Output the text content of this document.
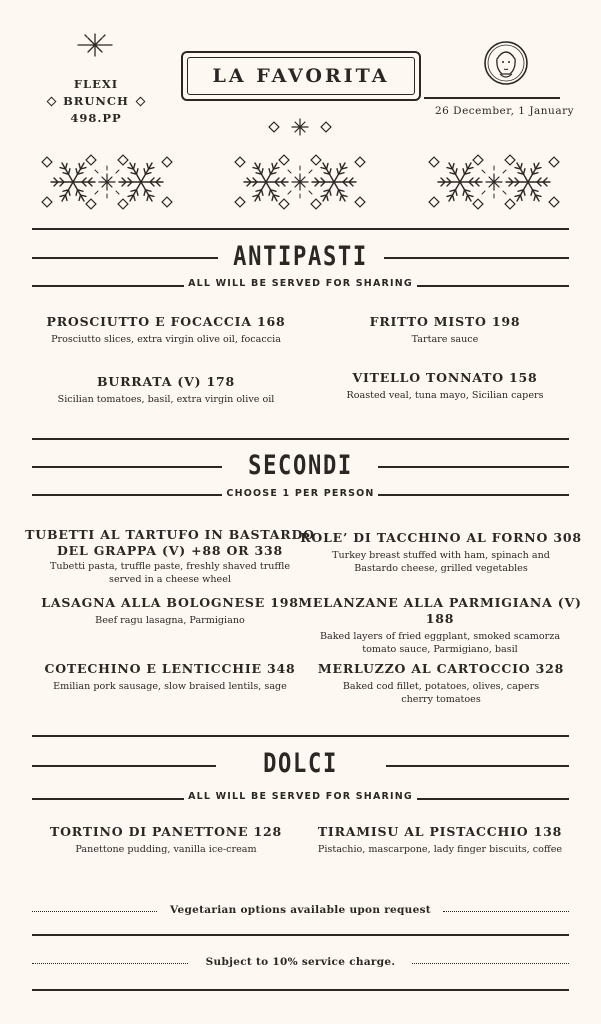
FLEXI
BRUNCH
498.PP
LA FAVORITA
26 December, 1 January
ANTIPASTI
ALL WILL BE SERVED FOR SHARING
PROSCIUTTO E FOCACCIA 168
Prosciutto slices, extra virgin olive oil, focaccia
FRITTO MISTO 198
Tartare sauce
BURRATA (V) 178
Sicilian tomatoes, basil, extra virgin olive oil
VITELLO TONNATO 158
Roasted veal, tuna mayo, Sicilian capers
SECONDI
CHOOSE 1 PER PERSON
TUBETTI AL TARTUFO IN BASTARDO
DEL GRAPPA (V) +88 OR 338
Tubetti pasta, truffle paste, freshly shaved truffle
served in a cheese wheel
ROLE’ DI TACCHINO AL FORNO 308
Turkey breast stuffed with ham, spinach and
Bastardo cheese, grilled vegetables
LASAGNA ALLA BOLOGNESE 198
Beef ragu lasagna, Parmigiano
MELANZANE ALLA PARMIGIANA (V) 188
Baked layers of fried eggplant, smoked scamorza
tomato sauce, Parmigiano, basil
COTECHINO E LENTICCHIE 348
Emilian pork sausage, slow braised lentils, sage
MERLUZZO AL CARTOCCIO 328
Baked cod fillet, potatoes, olives, capers
cherry tomatoes
DOLCI
ALL WILL BE SERVED FOR SHARING
TORTINO DI PANETTONE 128
Panettone pudding, vanilla ice-cream
TIRAMISU AL PISTACCHIO 138
Pistachio, mascarpone, lady finger biscuits, coffee
Vegetarian options available upon request
Subject to 10% service charge.
